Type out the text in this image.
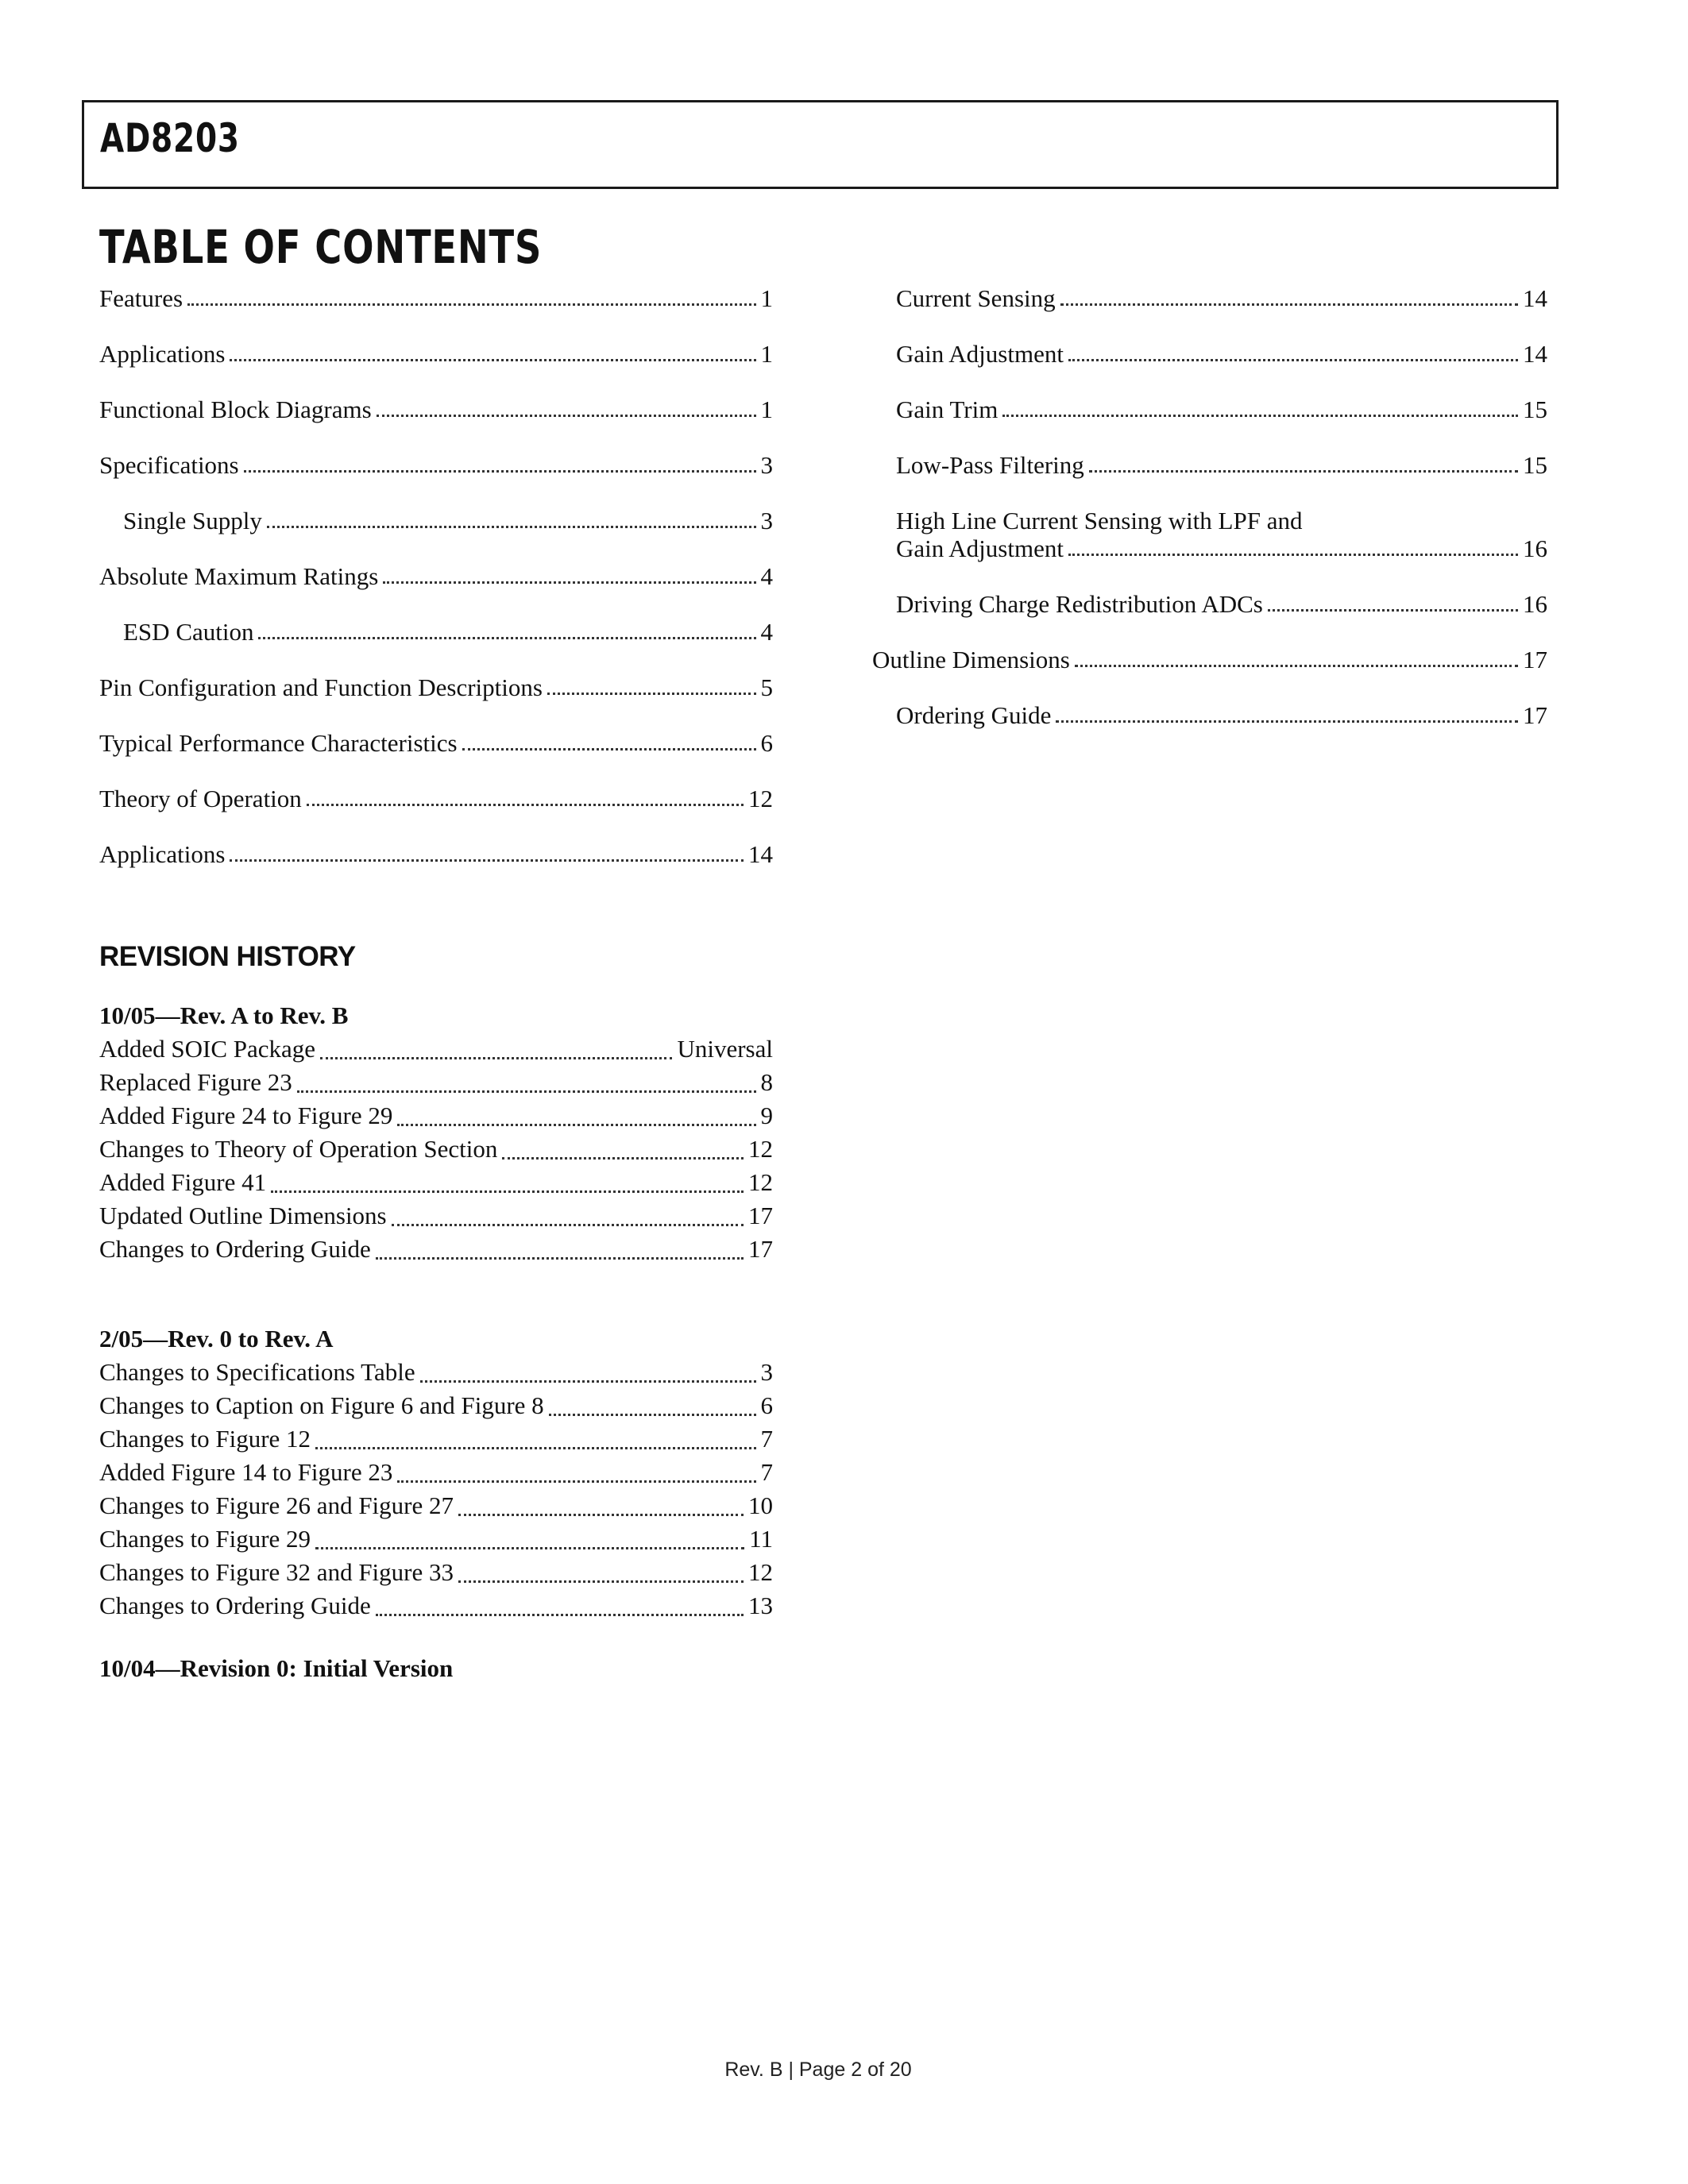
AD8203
TABLE OF CONTENTS
Features	1
Applications	1
Functional Block Diagrams	1
Specifications	3
Single Supply	3
Absolute Maximum Ratings	4
ESD Caution	4
Pin Configuration and Function Descriptions	5
Typical Performance Characteristics	6
Theory of Operation	12
Applications	14
Current Sensing	14
Gain Adjustment	14
Gain Trim	15
Low-Pass Filtering	15
High Line Current Sensing with LPF and
Gain Adjustment	16
Driving Charge Redistribution ADCs	16
Outline Dimensions	17
Ordering Guide	17
REVISION HISTORY
10/05—Rev. A to Rev. B
Added SOIC Package	Universal
Replaced Figure 23	8
Added Figure 24 to Figure 29	9
Changes to Theory of Operation Section	12
Added Figure 41	12
Updated Outline Dimensions	17
Changes to Ordering Guide	17
2/05—Rev. 0 to Rev. A
Changes to Specifications Table	3
Changes to Caption on Figure 6 and Figure 8	6
Changes to Figure 12	7
Added Figure 14 to Figure 23	7
Changes to Figure 26 and Figure 27	10
Changes to Figure 29	11
Changes to Figure 32 and Figure 33	12
Changes to Ordering Guide	13
10/04—Revision 0: Initial Version
Rev. B | Page 2 of 20
